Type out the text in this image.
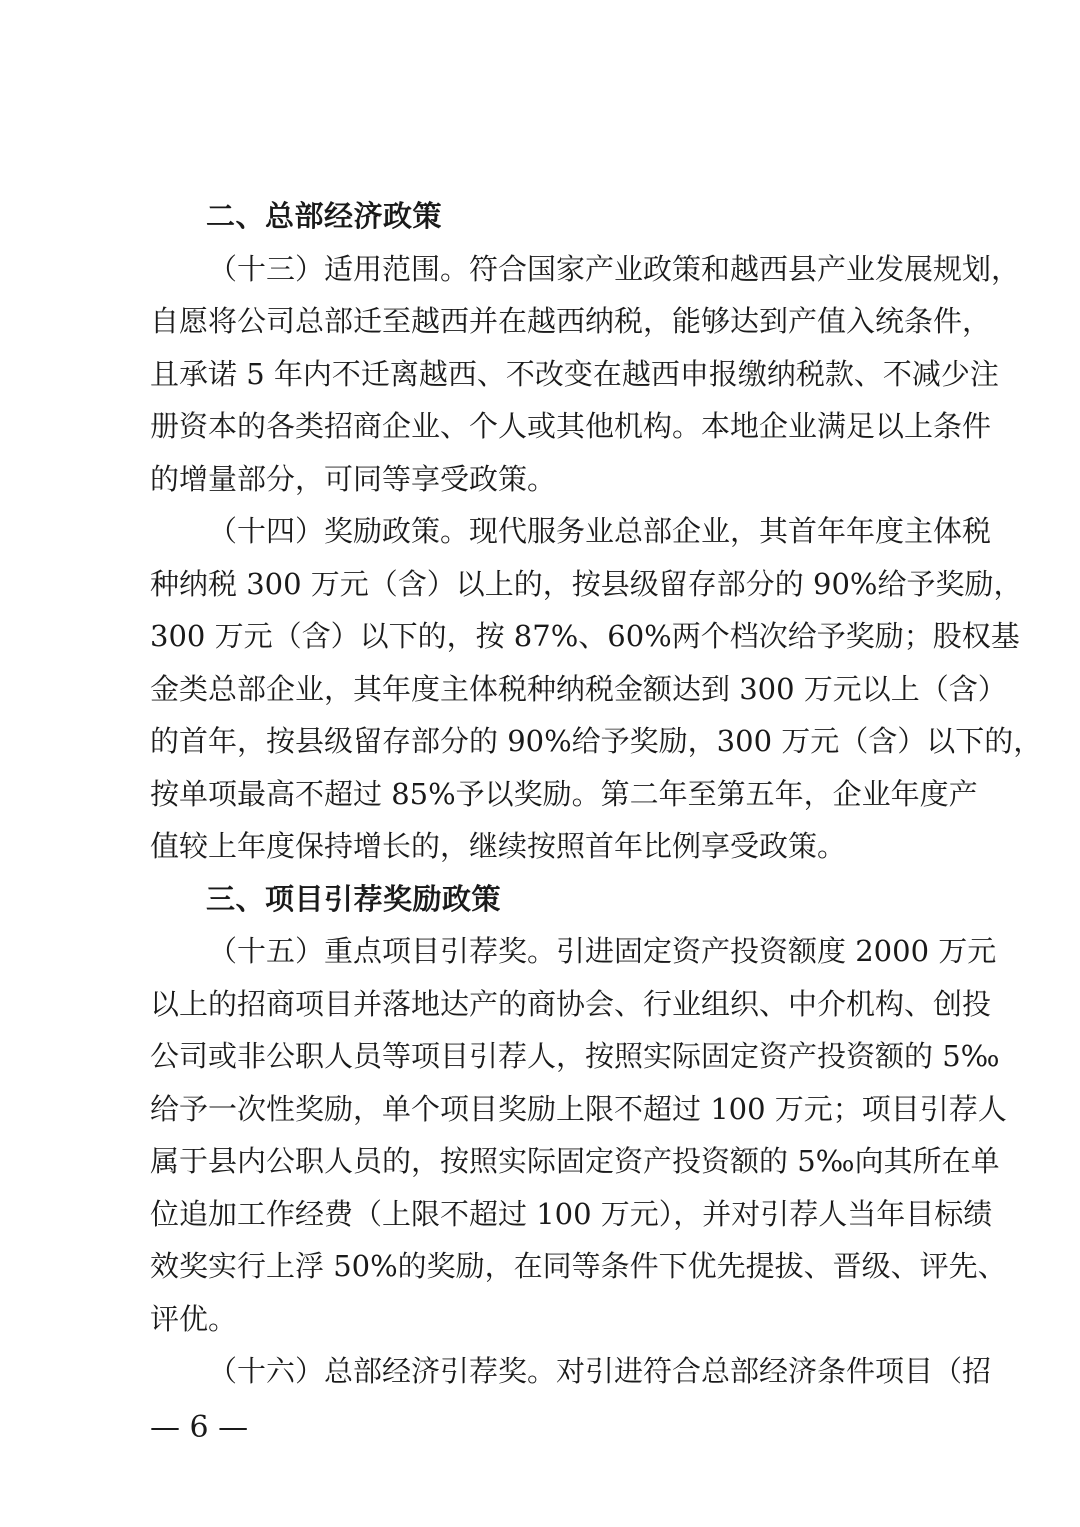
二、总部经济政策
（十三）适用范围。符合国家产业政策和越西县产业发展规划，
自愿将公司总部迁至越西并在越西纳税，能够达到产值入统条件，
且承诺 5 年内不迁离越西、不改变在越西申报缴纳税款、不减少注
册资本的各类招商企业、个人或其他机构。本地企业满足以上条件
的增量部分，可同等享受政策。
（十四）奖励政策。现代服务业总部企业，其首年年度主体税
种纳税 300 万元（含）以上的，按县级留存部分的 90%给予奖励，
300 万元（含）以下的，按 87%、60%两个档次给予奖励；股权基
金类总部企业，其年度主体税种纳税金额达到 300 万元以上（含）
的首年，按县级留存部分的 90%给予奖励，300 万元（含）以下的，
按单项最高不超过 85%予以奖励。第二年至第五年，企业年度产
值较上年度保持增长的，继续按照首年比例享受政策。
三、项目引荐奖励政策
（十五）重点项目引荐奖。引进固定资产投资额度 2000 万元
以上的招商项目并落地达产的商协会、行业组织、中介机构、创投
公司或非公职人员等项目引荐人，按照实际固定资产投资额的 5‰
给予一次性奖励，单个项目奖励上限不超过 100 万元；项目引荐人
属于县内公职人员的，按照实际固定资产投资额的 5‰向其所在单
位追加工作经费（上限不超过 100 万元），并对引荐人当年目标绩
效奖实行上浮 50%的奖励，在同等条件下优先提拔、晋级、评先、
评优。
（十六）总部经济引荐奖。对引进符合总部经济条件项目（招
— 6 —
